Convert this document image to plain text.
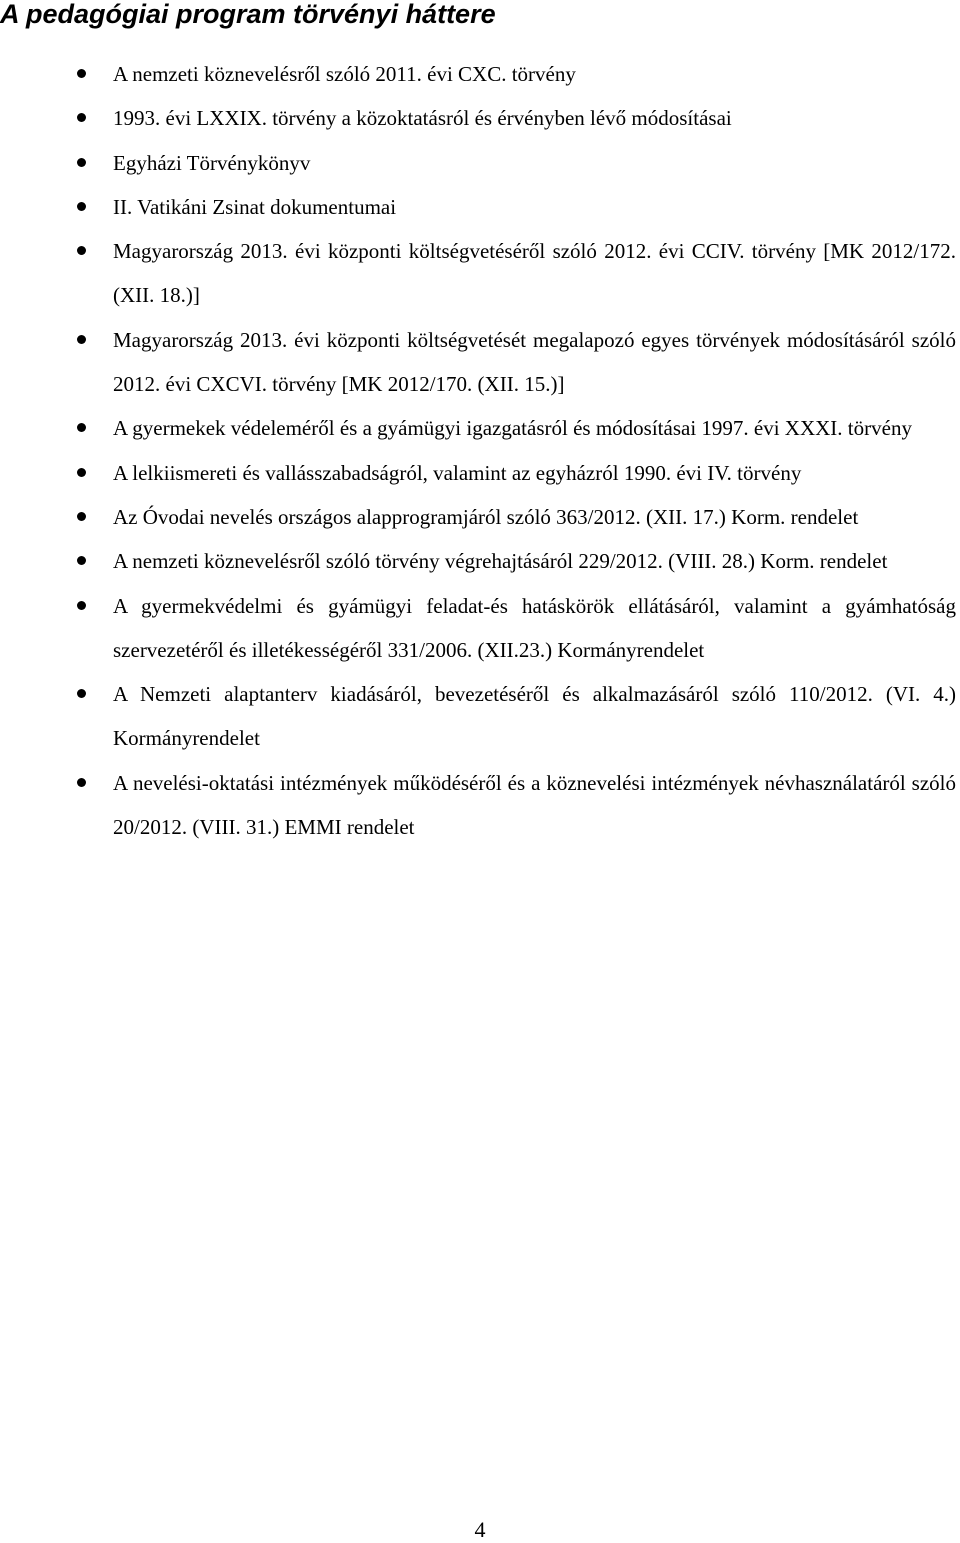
A pedagógiai program törvényi háttere
A nemzeti köznevelésről szóló 2011. évi CXC. törvény
1993. évi LXXIX. törvény a közoktatásról és érvényben lévő módosításai
Egyházi Törvénykönyv
II. Vatikáni Zsinat dokumentumai
Magyarország 2013. évi központi költségvetéséről szóló 2012. évi CCIV. törvény [MK 2012/172. (XII. 18.)]
Magyarország 2013. évi központi költségvetését megalapozó egyes törvények módosításáról szóló 2012. évi CXCVI. törvény [MK 2012/170. (XII. 15.)]
A gyermekek védeleméről és a gyámügyi igazgatásról és módosításai 1997. évi XXXI. törvény
A lelkiismereti és vallásszabadságról, valamint az egyházról 1990. évi IV. törvény
Az Óvodai nevelés országos alapprogramjáról szóló 363/2012. (XII. 17.) Korm. rendelet
A nemzeti köznevelésről szóló törvény végrehajtásáról 229/2012. (VIII. 28.) Korm. rendelet
A gyermekvédelmi és gyámügyi feladat-és hatáskörök ellátásáról, valamint a gyámhatóság szervezetéről és illetékességéről 331/2006. (XII.23.) Kormányrendelet
A Nemzeti alaptanterv kiadásáról, bevezetéséről és alkalmazásáról szóló 110/2012. (VI. 4.) Kormányrendelet
A nevelési-oktatási intézmények működéséről és a köznevelési intézmények névhasználatáról szóló 20/2012. (VIII. 31.) EMMI rendelet
4
